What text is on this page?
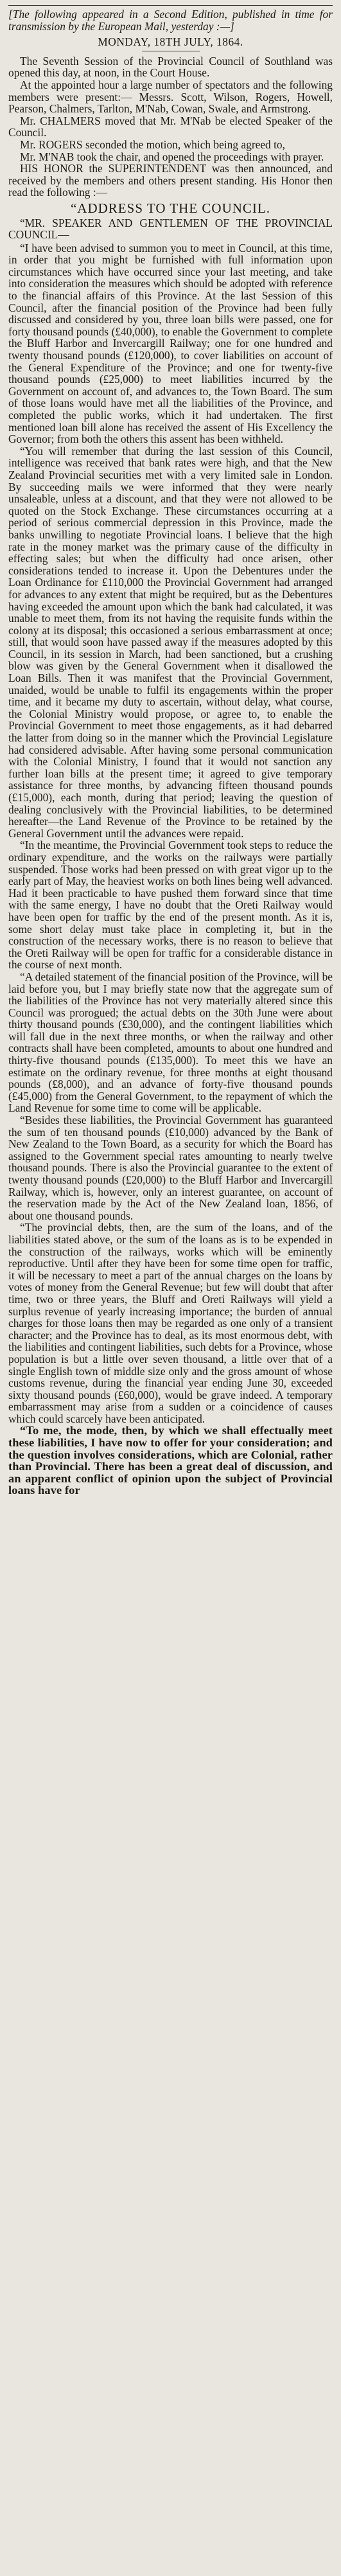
[The following appeared in a Second Edition, published in time for transmission by the European Mail, yesterday :—]

MONDAY, 18TH JULY, 1864.

The Seventh Session of the Provincial Council of Southland was opened this day, at noon, in the Court House.

At the appointed hour a large number of spectators and the following members were present:— Messrs. Scott, Wilson, Rogers, Howell, Pearson, Chalmers, Tarlton, M'Nab, Cowan, Swale, and Armstrong.

Mr. CHALMERS moved that Mr. M'Nab be elected Speaker of the Council.

Mr. ROGERS seconded the motion, which being agreed to,

Mr. M'NAB took the chair, and opened the proceedings with prayer.

HIS HONOR the SUPERINTENDENT was then announced, and received by the members and others present standing. His Honor then read the following :—

“ADDRESS TO THE COUNCIL.

“MR. SPEAKER AND GENTLEMEN OF THE PROVINCIAL COUNCIL—

“I have been advised to summon you to meet in Council, at this time, in order that you might be furnished with full information upon circumstances which have occurred since your last meeting, and take into consideration the measures which should be adopted with reference to the financial affairs of this Province. At the last Session of this Council, after the financial position of the Province had been fully discussed and considered by you, three loan bills were passed, one for forty thousand pounds (£40,000), to enable the Government to complete the Bluff Harbor and Invercargill Railway; one for one hundred and twenty thousand pounds (£120,000), to cover liabilities on account of the General Expenditure of the Province; and one for twenty-five thousand pounds (£25,000) to meet liabilities incurred by the Government on account of, and advances to, the Town Board. The sum of those loans would have met all the liabilities of the Province, and completed the public works, which it had undertaken. The first mentioned loan bill alone has received the assent of His Excellency the Governor; from both the others this assent has been withheld.

“You will remember that during the last session of this Council, intelligence was received that bank rates were high, and that the New Zealand Provincial securities met with a very limited sale in London. By succeeding mails we were informed that they were nearly unsaleable, unless at a discount, and that they were not allowed to be quoted on the Stock Exchange. These circumstances occurring at a period of serious commercial depression in this Province, made the banks unwilling to negotiate Provincial loans. I believe that the high rate in the money market was the primary cause of the difficulty in effecting sales; but when the difficulty had once arisen, other considerations tended to increase it. Upon the Debentures under the Loan Ordinance for £110,000 the Provincial Government had arranged for advances to any extent that might be required, but as the Debentures having exceeded the amount upon which the bank had calculated, it was unable to meet them, from its not having the requisite funds within the colony at its disposal; this occasioned a serious embarrassment at once; still, that would soon have passed away if the measures adopted by this Council, in its session in March, had been sanctioned, but a crushing blow was given by the General Government when it disallowed the Loan Bills. Then it was manifest that the Provincial Government, unaided, would be unable to fulfil its engagements within the proper time, and it became my duty to ascertain, without delay, what course, the Colonial Ministry would propose, or agree to, to enable the Provincial Government to meet those engagements, as it had debarred the latter from doing so in the manner which the Provincial Legislature had considered advisable. After having some personal communication with the Colonial Ministry, I found that it would not sanction any further loan bills at the present time; it agreed to give temporary assistance for three months, by advancing fifteen thousand pounds (£15,000), each month, during that period; leaving the question of dealing conclusively with the Provincial liabilities, to be determined hereafter—the Land Revenue of the Province to be retained by the General Government until the advances were repaid.

“In the meantime, the Provincial Government took steps to reduce the ordinary expenditure, and the works on the railways were partially suspended. Those works had been pressed on with great vigor up to the early part of May, the heaviest works on both lines being well advanced. Had it been practicable to have pushed them forward since that time with the same energy, I have no doubt that the Oreti Railway would have been open for traffic by the end of the present month. As it is, some short delay must take place in completing it, but in the construction of the necessary works, there is no reason to believe that the Oreti Railway will be open for traffic for a considerable distance in the course of next month.

“A detailed statement of the financial position of the Province, will be laid before you, but I may briefly state now that the aggregate sum of the liabilities of the Province has not very materially altered since this Council was prorogued; the actual debts on the 30th June were about thirty thousand pounds (£30,000), and the contingent liabilities which will fall due in the next three months, or when the railway and other contracts shall have been completed, amounts to about one hundred and thirty-five thousand pounds (£135,000). To meet this we have an estimate on the ordinary revenue, for three months at eight thousand pounds (£8,000), and an advance of forty-five thousand pounds (£45,000) from the General Government, to the repayment of which the Land Revenue for some time to come will be applicable.

“Besides these liabilities, the Provincial Government has guaranteed the sum of ten thousand pounds (£10,000) advanced by the Bank of New Zealand to the Town Board, as a security for which the Board has assigned to the Government special rates amounting to nearly twelve thousand pounds. There is also the Provincial guarantee to the extent of twenty thousand pounds (£20,000) to the Bluff Harbor and Invercargill Railway, which is, however, only an interest guarantee, on account of the reservation made by the Act of the New Zealand loan, 1856, of about one thousand pounds.

“The provincial debts, then, are the sum of the loans, and of the liabilities stated above, or the sum of the loans as is to be expended in the construction of the railways, works which will be eminently reproductive. Until after they have been for some time open for traffic, it will be necessary to meet a part of the annual charges on the loans by votes of money from the General Revenue; but few will doubt that after time, two or three years, the Bluff and Oreti Railways will yield a surplus revenue of yearly increasing importance; the burden of annual charges for those loans then may be regarded as one only of a transient character; and the Province has to deal, as its most enormous debt, with the liabilities and contingent liabilities, such debts for a Province, whose population is but a little over seven thousand, a little over that of a single English town of middle size only and the gross amount of whose customs revenue, during the financial year ending June 30, exceeded sixty thousand pounds (£60,000), would be grave indeed. A temporary embarrassment may arise from a sudden or a coincidence of causes which could scarcely have been anticipated.

“To me, the mode, then, by which we shall effectually meet these liabilities, I have now to offer for your consideration; and the question involves considerations, which are Colonial, rather than Provincial. There has been a great deal of discussion, and an apparent conflict of opinion upon the subject of Provincial loans have for
